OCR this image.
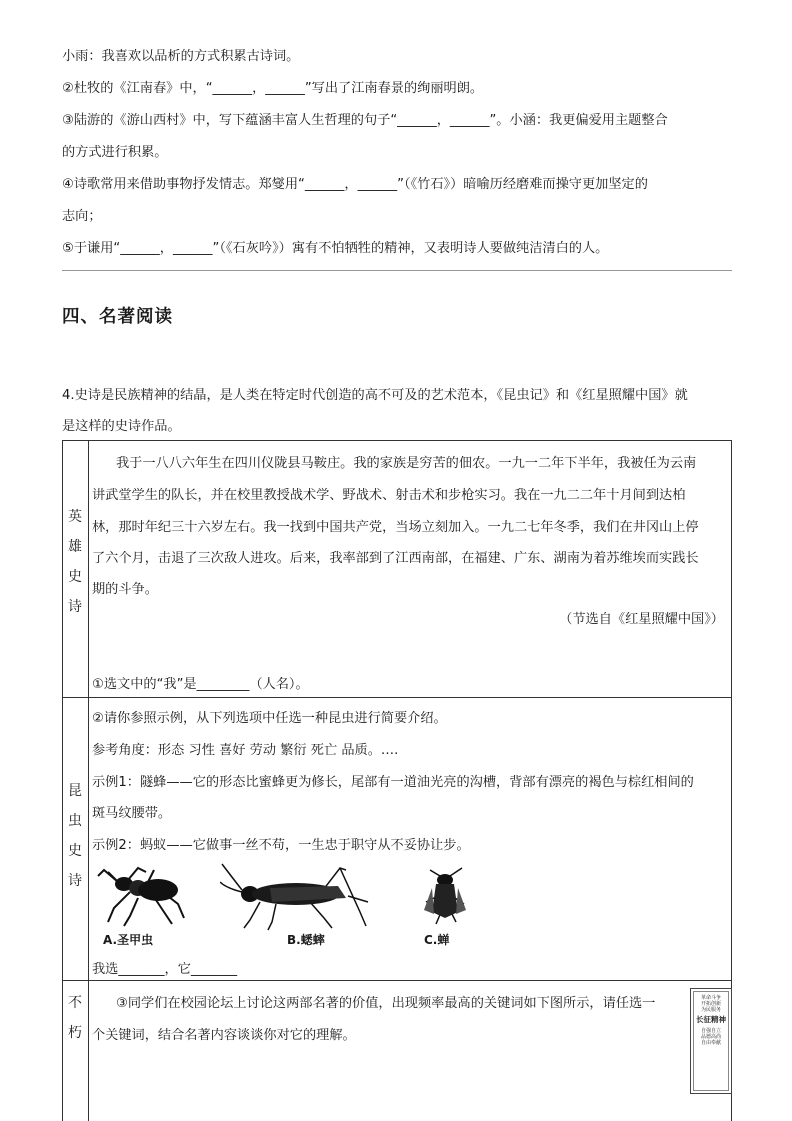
小雨：我喜欢以品析的方式积累古诗词。
②杜牧的《江南春》中，“______，______”写出了江南春景的绚丽明朗。
③陆游的《游山西村》中，写下蕴涵丰富人生哲理的句子“______，______”。小涵：我更偏爱用主题整合
的方式进行积累。
④诗歌常用来借助事物抒发情志。郑燮用“______，______”（《竹石》）暗喻历经磨难而操守更加坚定的
志向；
⑤于谦用“______，______”（《石灰吟》）寓有不怕牺牲的精神，又表明诗人要做纯洁清白的人。
四、名著阅读
4.史诗是民族精神的结晶，是人类在特定时代创造的高不可及的艺术范本，《昆虫记》和《红星照耀中国》就
是这样的史诗作品。
英
雄
史
诗
我于一八八六年生在四川仪陇县马鞍庄。我的家族是穷苦的佃农。一九一二年下半年，我被任为云南
讲武堂学生的队长，并在校里教授战术学、野战术、射击术和步枪实习。我在一九二二年十月间到达柏
林，那时年纪三十六岁左右。我一找到中国共产党，当场立刻加入。一九二七年冬季，我们在井冈山上停
了六个月，击退了三次敌人进攻。后来，我率部到了江西南部，在福建、广东、湖南为着苏维埃而实践长
期的斗争。
（节选自《红星照耀中国》）
①选文中的“我”是________（人名）。
昆
虫
史
诗
②请你参照示例，从下列选项中任选一种昆虫进行简要介绍。
参考角度：形态 习性 喜好 劳动 繁衍 死亡 品质。….
示例1：隧蜂——它的形态比蜜蜂更为修长，尾部有一道油光亮的沟槽，背部有漂亮的褐色与棕红相间的
斑马纹腰带。
示例2：蚂蚁——它做事一丝不苟，一生忠于职守从不妥协让步。
A.圣甲虫	B.蟋蟀	C.蝉
我选_______，它_______
不
朽
③同学们在校园论坛上讨论这两部名著的价值，出现频率最高的关键词如下图所示，请任选一
个关键词，结合名著内容谈谈你对它的理解。
革命斗争
开拓创新
为民服务
长征精神
自强自立
品德高尚
自由奉献
